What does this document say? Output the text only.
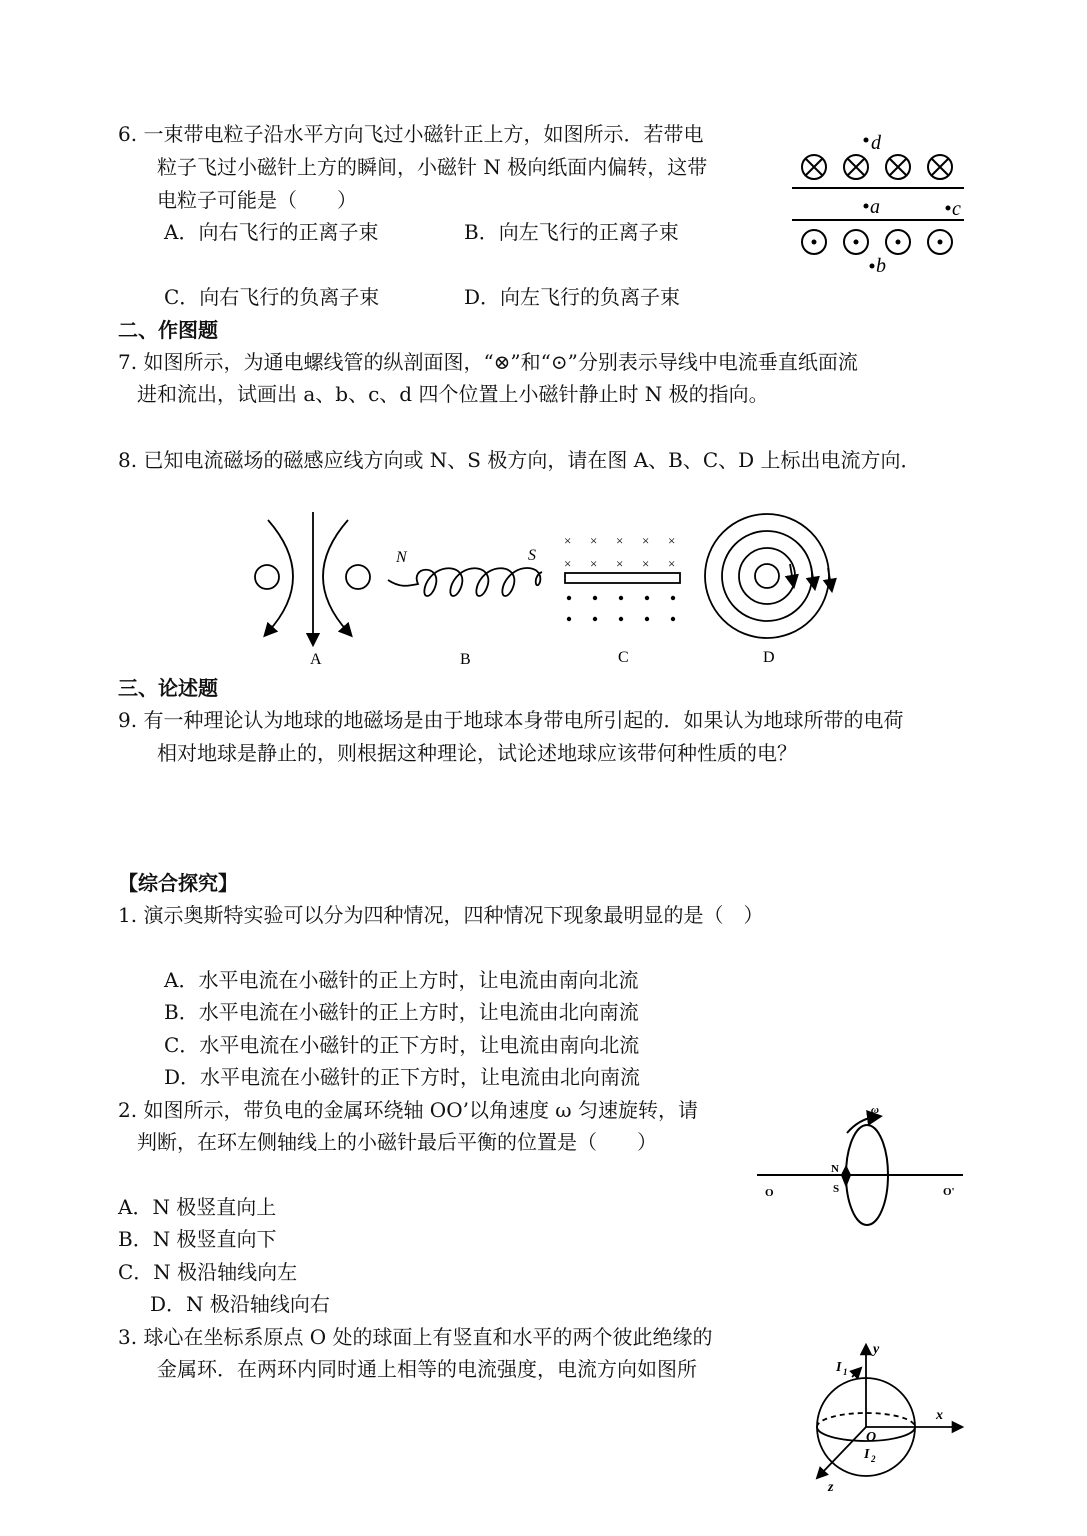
6. 一束带电粒子沿水平方向飞过小磁针正上方，如图所示．若带电
粒子飞过小磁针上方的瞬间，小磁针 N 极向纸面内偏转，这带
电粒子可能是（　　）
A．向右飞行的正离子束	B．向左飞行的正离子束
C．向右飞行的负离子束	D．向左飞行的负离子束
d
a	c
b
二、作图题
7. 如图所示，为通电螺线管的纵剖面图，“⊗”和“⊙”分别表示导线中电流垂直纸面流
进和流出，试画出 a、b、c、d 四个位置上小磁针静止时 N 极的指向。
8. 已知电流磁场的磁感应线方向或 N、S 极方向，请在图 A、B、C、D 上标出电流方向．
× × × × ×
× × × × ×
N	S
A	B	C	D
三、论述题
9. 有一种理论认为地球的地磁场是由于地球本身带电所引起的．如果认为地球所带的电荷
相对地球是静止的，则根据这种理论，试论述地球应该带何种性质的电？
【综合探究】
1. 演示奥斯特实验可以分为四种情况，四种情况下现象最明显的是（　）
A．水平电流在小磁针的正上方时，让电流由南向北流
B．水平电流在小磁针的正上方时，让电流由北向南流
C．水平电流在小磁针的正下方时，让电流由南向北流
D．水平电流在小磁针的正下方时，让电流由北向南流
2. 如图所示，带负电的金属环绕轴 OO’以角速度 ω 匀速旋转，请
判断，在环左侧轴线上的小磁针最后平衡的位置是（　　）
A．N 极竖直向上
B．N 极竖直向下
C．N 极沿轴线向左
D．N 极沿轴线向右
ω
N
S
O	O'
3. 球心在坐标系原点 O 处的球面上有竖直和水平的两个彼此绝缘的
金属环．在两环内同时通上相等的电流强度，电流方向如图所
y
x
z
O
I 1
I 2
